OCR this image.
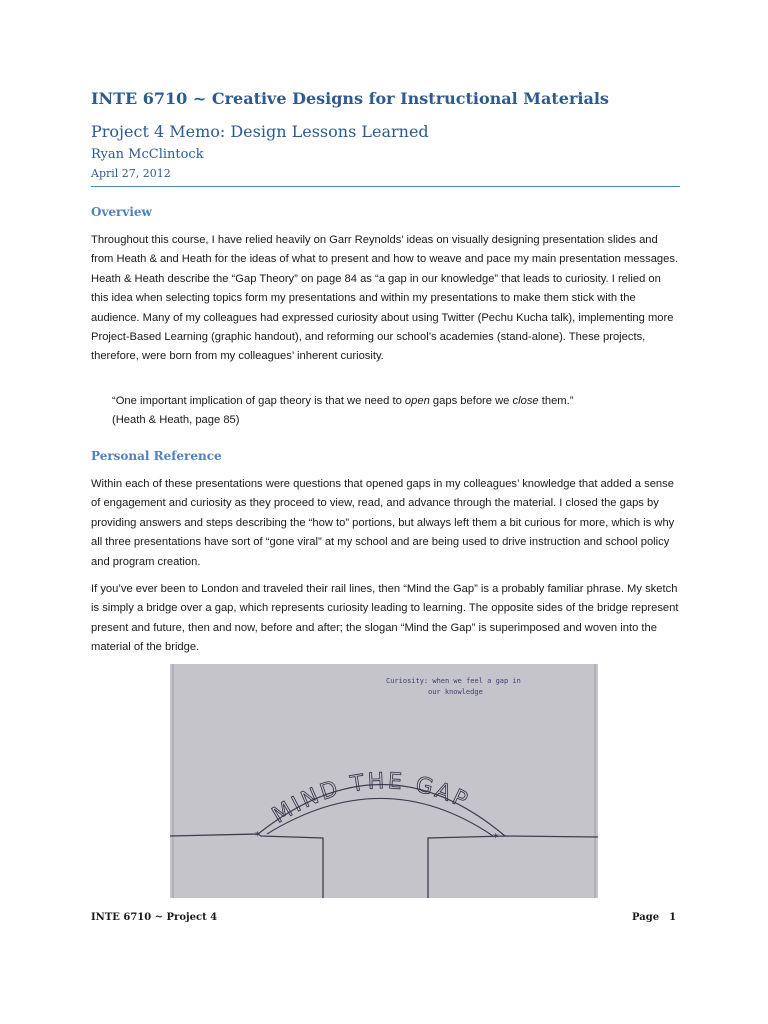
INTE 6710 ~ Creative Designs for Instructional Materials
Project 4 Memo: Design Lessons Learned
Ryan McClintock
April 27, 2012
Overview

Throughout this course, I have relied heavily on Garr Reynolds’ ideas on visually designing presentation slides and from Heath & and Heath for the ideas of what to present and how to weave and pace my main presentation messages. Heath & Heath describe the “Gap Theory” on page 84 as “a gap in our knowledge” that leads to curiosity. I relied on this idea when selecting topics form my presentations and within my presentations to make them stick with the audience. Many of my colleagues had expressed curiosity about using Twitter (Pechu Kucha talk), implementing more Project-Based Learning (graphic handout), and reforming our school’s academies (stand-alone). These projects, therefore, were born from my colleagues’ inherent curiosity.

“One important implication of gap theory is that we need to open gaps before we close them.”
(Heath & Heath, page 85)

Personal Reference

Within each of these presentations were questions that opened gaps in my colleagues’ knowledge that added a sense of engagement and curiosity as they proceed to view, read, and advance through the material. I closed the gaps by providing answers and steps describing the “how to” portions, but always left them a bit curious for more, which is why all three presentations have sort of “gone viral” at my school and are being used to drive instruction and school policy and program creation.

If you’ve ever been to London and traveled their rail lines, then “Mind the Gap” is a probably familiar phrase. My sketch is simply a bridge over a gap, which represents curiosity leading to learning. The opposite sides of the bridge represent present and future, then and now, before and after; the slogan “Mind the Gap” is superimposed and woven into the material of the bridge.

✶	✶
MIND THE GAP
Curiosity: when we feel a gap in
our knowledge
INTE 6710 ~ Project 4	Page 1
